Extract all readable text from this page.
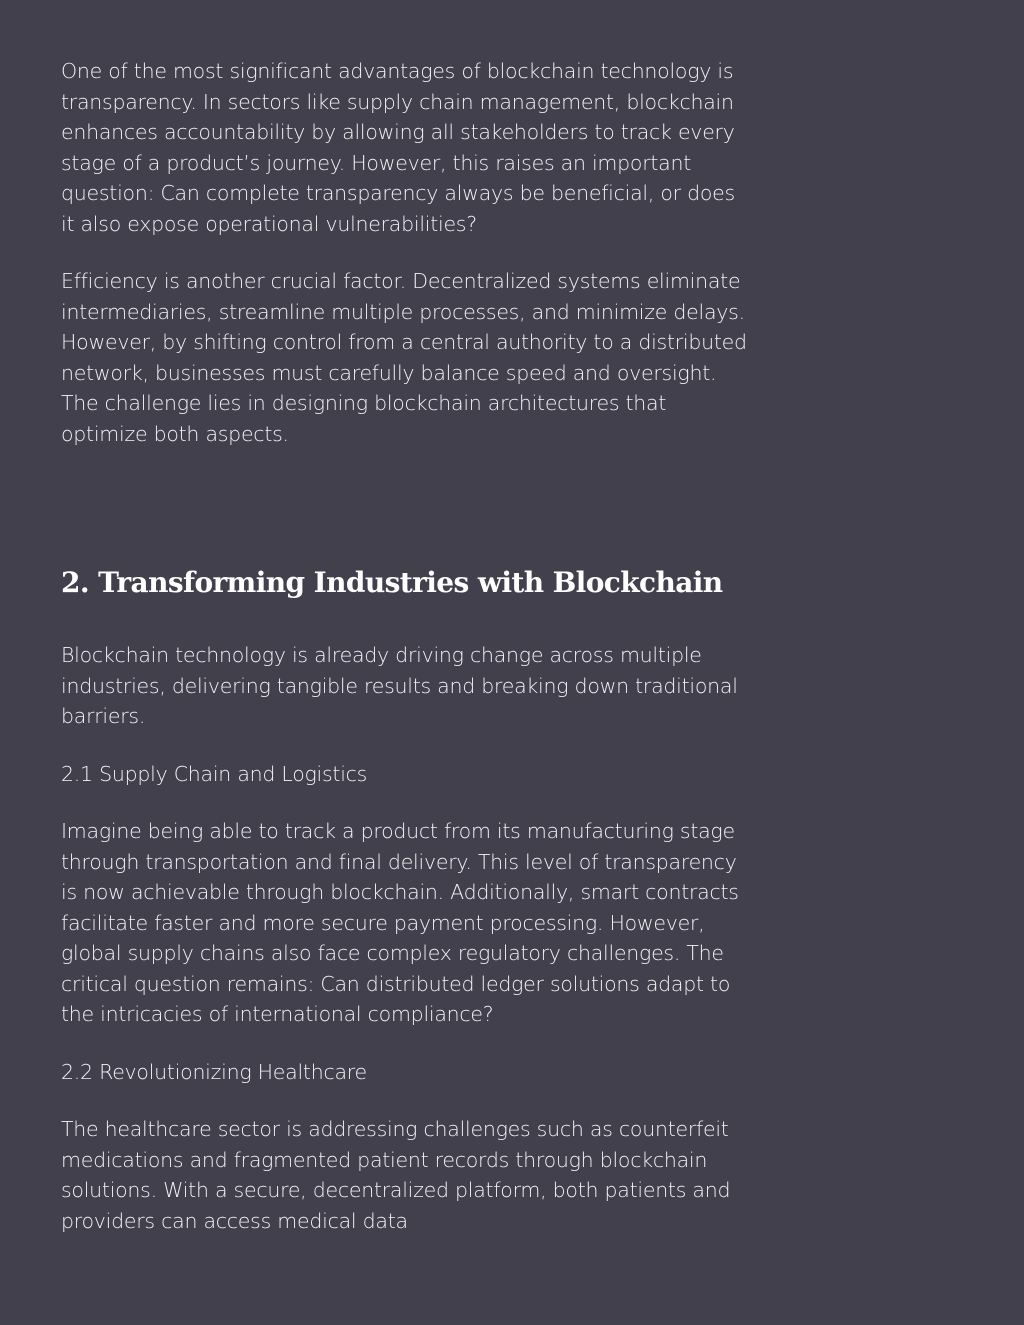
One of the most significant advantages of blockchain technology is transparency. In sectors like supply chain management, blockchain enhances accountability by allowing all stakeholders to track every stage of a product’s journey. However, this raises an important question: Can complete transparency always be beneficial, or does it also expose operational vulnerabilities?

Efficiency is another crucial factor. Decentralized systems eliminate intermediaries, streamline multiple processes, and minimize delays. However, by shifting control from a central authority to a distributed network, businesses must carefully balance speed and oversight. The challenge lies in designing blockchain architectures that optimize both aspects.

2. Transforming Industries with Blockchain

Blockchain technology is already driving change across multiple industries, delivering tangible results and breaking down traditional barriers.

2.1 Supply Chain and Logistics

Imagine being able to track a product from its manufacturing stage through transportation and final delivery. This level of transparency is now achievable through blockchain. Additionally, smart contracts facilitate faster and more secure payment processing. However, global supply chains also face complex regulatory challenges. The critical question remains: Can distributed ledger solutions adapt to the intricacies of international compliance?

2.2 Revolutionizing Healthcare

The healthcare sector is addressing challenges such as counterfeit medications and fragmented patient records through blockchain solutions. With a secure, decentralized platform, both patients and providers can access medical data
